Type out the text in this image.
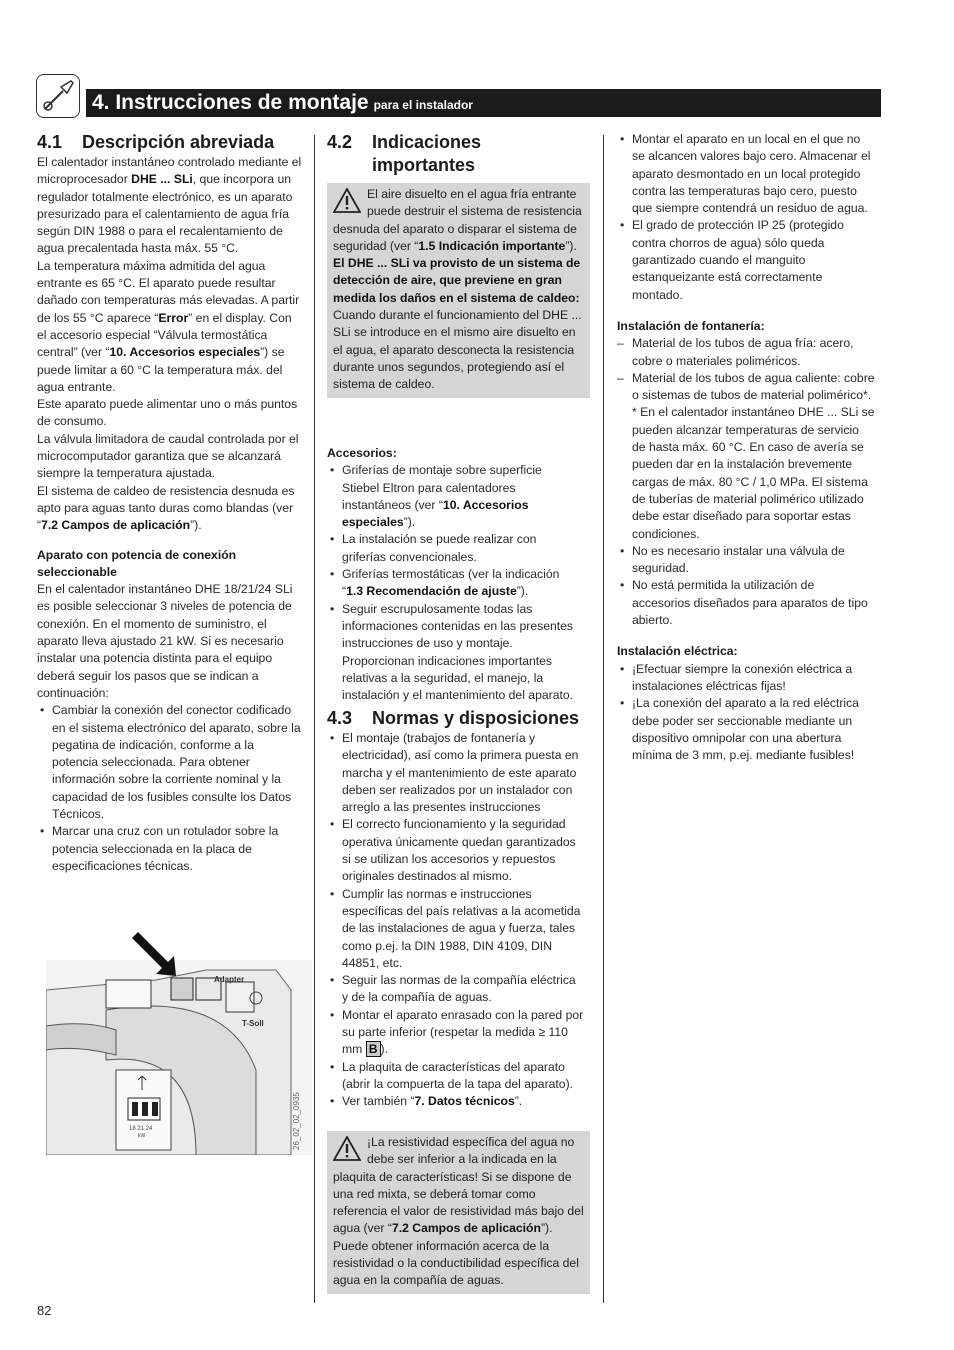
4. Instrucciones de montaje para el instalador
4.1	Descripción abreviada

El calentador instantáneo controlado mediante el microprocesador DHE ... SLi, que incorpora un regulador totalmente electrónico, es un aparato presurizado para el calentamiento de agua fría según DIN 1988 o para el recalentamiento de agua precalentada hasta máx. 55 °C.

La temperatura máxima admitida del agua entrante es 65 °C. El aparato puede resultar dañado con temperaturas más elevadas. A partir de los 55 °C aparece “Error” en el display. Con el accesorio especial “Válvula termostática central” (ver “10. Accesorios especiales”) se puede limitar a 60 °C la temperatura máx. del agua entrante.

Este aparato puede alimentar uno o más puntos de consumo.

La válvula limitadora de caudal controlada por el microcomputador garantiza que se alcanzará siempre la temperatura ajustada.

El sistema de caldeo de resistencia desnuda es apto para aguas tanto duras como blandas (ver “7.2 Campos de aplicación”).

Aparato con potencia de conexión seleccionable

En el calentador instantáneo DHE 18/21/24 SLi es posible seleccionar 3 niveles de potencia de conexión. En el momento de suministro, el aparato lleva ajustado 21 kW. Si es necesario instalar una potencia distinta para el equipo deberá seguir los pasos que se indican a continuación:

• Cambiar la conexión del conector codificado en el sistema electrónico del aparato, sobre la pegatina de indicación, conforme a la potencia seleccionada. Para obtener información sobre la corriente nominal y la capacidad de los fusibles consulte los Datos Técnicos.
• Marcar una cruz con un rotulador sobre la potencia seleccionada en la placa de especificaciones técnicas.
18 21 24
kW
Adapter
T-Soll
26_02_02_0935
4.2	Indicaciones
importantes
El aire disuelto en el agua fría entrante puede destruir el sistema de resistencia desnuda del aparato o disparar el sistema de seguridad (ver “1.5 Indicación importante”).
El DHE ... SLi va provisto de un sistema de detección de aire, que previene en gran medida los daños en el sistema de caldeo:
Cuando durante el funcionamiento del DHE ... SLi se introduce en el mismo aire disuelto en el agua, el aparato desconecta la resistencia durante unos segundos, protegiendo así el sistema de caldeo.

Accesorios:

• Griferías de montaje sobre superficie Stiebel Eltron para calentadores instantáneos (ver “10. Accesorios especiales”).
• La instalación se puede realizar con griferías convencionales.
• Griferías termostáticas (ver la indicación “1.3 Recomendación de ajuste”).
• Seguir escrupulosamente todas las informaciones contenidas en las presentes instrucciones de uso y montaje. Proporcionan indicaciones importantes relativas a la seguridad, el manejo, la instalación y el mantenimiento del aparato.
4.3	Normas y disposiciones
• El montaje (trabajos de fontanería y electricidad), así como la primera puesta en marcha y el mantenimiento de este aparato deben ser realizados por un instalador con arreglo a las presentes instrucciones
• El correcto funcionamiento y la seguridad operativa únicamente quedan garantizados si se utilizan los accesorios y repuestos originales destinados al mismo.
• Cumplir las normas e instrucciones específicas del país relativas a la acometida de las instalaciones de agua y fuerza, tales como p.ej. la DIN 1988, DIN 4109, DIN 44851, etc.
• Seguir las normas de la compañía eléctrica y de la compañía de aguas.
• Montar el aparato enrasado con la pared por su parte inferior (respetar la medida ≥ 110 mm B ).
• La plaquita de características del aparato (abrir la compuerta de la tapa del aparato).
• Ver también “7. Datos técnicos”.
¡La resistividad específica del agua no debe ser inferior a la indicada en la plaquita de características! Si se dispone de una red mixta, se deberá tomar como referencia el valor de resistividad más bajo del agua (ver “7.2 Campos de aplicación”). Puede obtener información acerca de la resistividad o la conductibilidad específica del agua en la compañía de aguas.
• Montar el aparato en un local en el que no se alcancen valores bajo cero. Almacenar el aparato desmontado en un local protegido contra las temperaturas bajo cero, puesto que siempre contendrá un residuo de agua.
• El grado de protección IP 25 (protegido contra chorros de agua) sólo queda garantizado cuando el manguito estanqueizante está correctamente montado.

Instalación de fontanería:

– Material de los tubos de agua fría: acero, cobre o materiales poliméricos.
– Material de los tubos de agua caliente: cobre o sistemas de tubos de material polimérico*.

* En el calentador instantáneo DHE ... SLi se pueden alcanzar temperaturas de servicio de hasta máx. 60 °C. En caso de avería se pueden dar en la instalación brevemente cargas de máx. 80 °C / 1,0 MPa. El sistema de tuberías de material polimérico utilizado debe estar diseñado para soportar estas condiciones.

• No es necesario instalar una válvula de seguridad.
• No está permitida la utilización de accesorios diseñados para aparatos de tipo abierto.

Instalación eléctrica:

• ¡Efectuar siempre la conexión eléctrica a instalaciones eléctricas fijas!
• ¡La conexión del aparato a la red eléctrica debe poder ser seccionable mediante un dispositivo omnipolar con una abertura mínima de 3 mm, p.ej. mediante fusibles!
82
